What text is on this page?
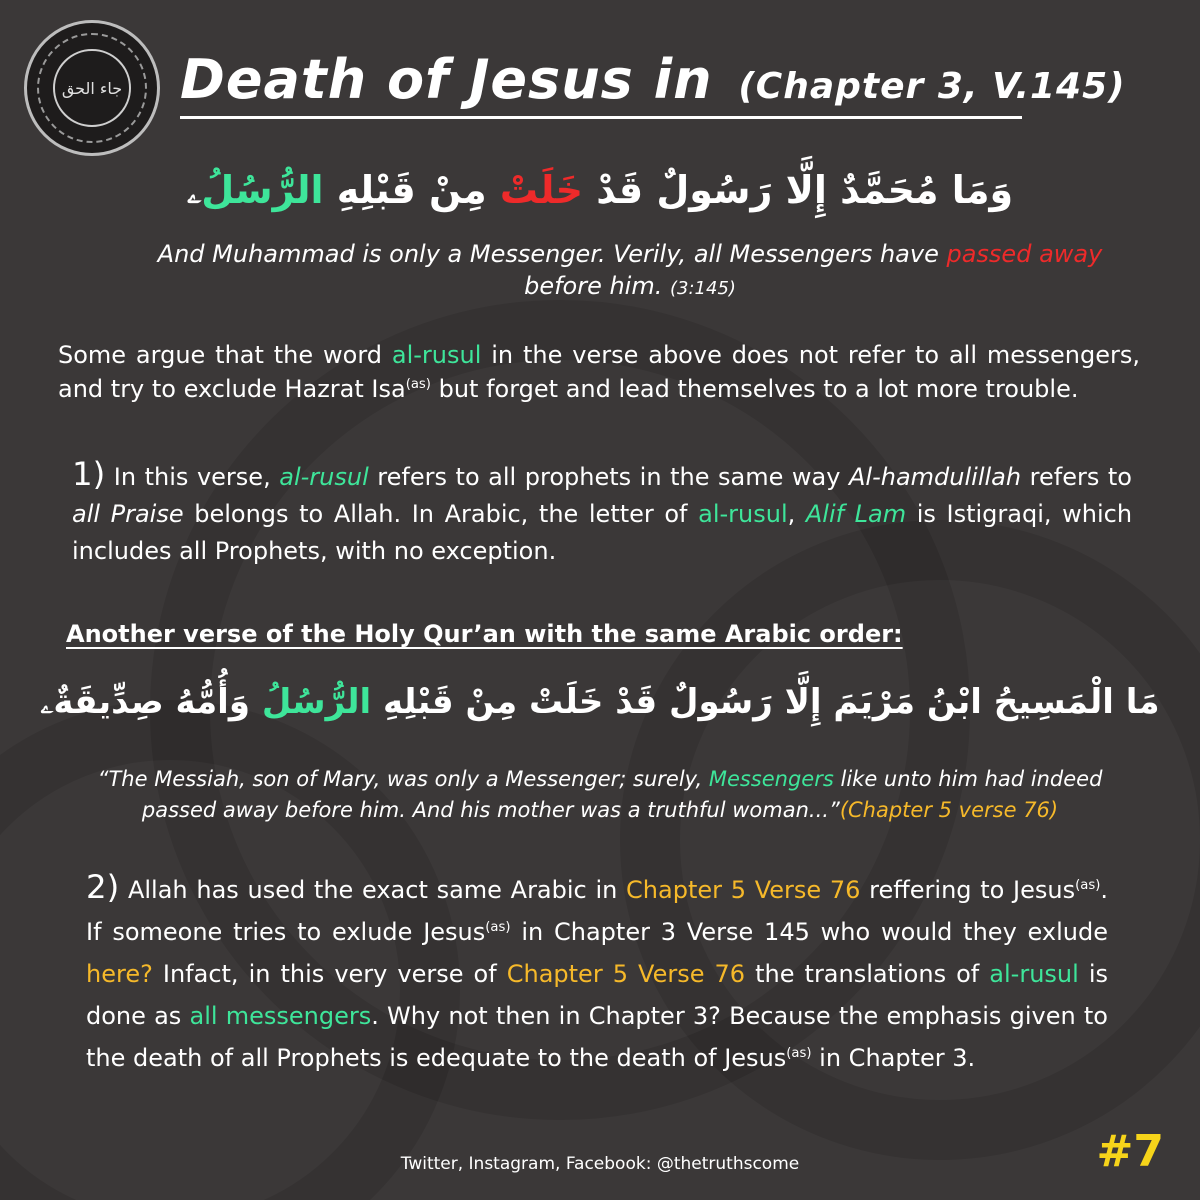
جاء الحق Death of Jesus in (Chapter 3, V.145)
وَمَا مُحَمَّدٌ إِلَّا رَسُولٌ قَدْ خَلَتْ مِنْ قَبْلِهِ الرُّسُلُۦ
And Muhammad is only a Messenger. Verily, all Messengers have passed away before him. (3:145)
Some argue that the word al-rusul in the verse above does not refer to all messengers, and try to exclude Hazrat Isa$^{(as)}$ but forget and lead themselves to a lot more trouble.
1) In this verse, al-rusul refers to all prophets in the same way Al-hamdulillah refers to all Praise belongs to Allah. In Arabic, the letter of al-rusul, Alif Lam is Istigraqi, which includes all Prophets, with no exception.
Another verse of the Holy Qur’an with the same Arabic order:
مَا الْمَسِيحُ ابْنُ مَرْيَمَ إِلَّا رَسُولٌ قَدْ خَلَتْ مِنْ قَبْلِهِ الرُّسُلُ وَأُمُّهُ صِدِّيقَةٌۦ
“The Messiah, son of Mary, was only a Messenger; surely, Messengers like unto him had indeed passed away before him. And his mother was a truthful woman...”(Chapter 5 verse 76)
2) Allah has used the exact same Arabic in Chapter 5 Verse 76 reffering to Jesus$^{(as)}$. If someone tries to exlude Jesus$^{(as)}$ in Chapter 3 Verse 145 who would they exlude here? Infact, in this very verse of Chapter 5 Verse 76 the translations of al-rusul is done as all messengers. Why not then in Chapter 3? Because the emphasis given to the death of all Prophets is edequate to the death of Jesus$^{(as)}$ in Chapter 3.
Twitter, Instagram, Facebook: @thetruthscome	#7
